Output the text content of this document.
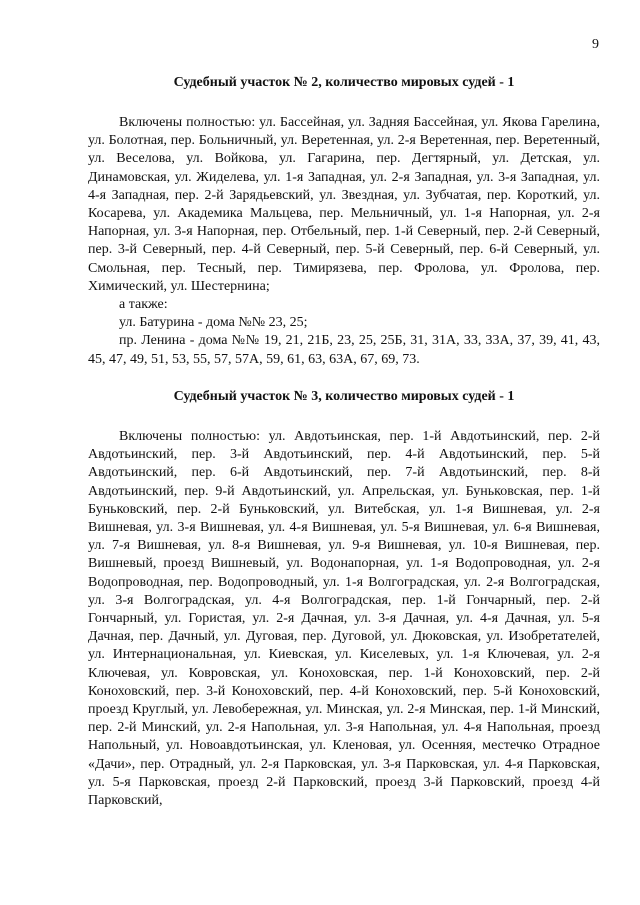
9
Судебный участок № 2, количество мировых судей - 1

Включены полностью: ул. Бассейная, ул. Задняя Бассейная, ул. Якова Гарелина, ул. Болотная, пер. Больничный, ул. Веретенная, ул. 2-я Веретенная, пер. Веретенный, ул. Веселова, ул. Войкова, ул. Гагарина, пер. Дегтярный, ул. Детская, ул. Динамовская, ул. Жиделева, ул. 1-я Западная, ул. 2-я Западная, ул. 3-я Западная, ул. 4-я Западная, пер. 2-й Зарядьевский, ул. Звездная, ул. Зубчатая, пер. Короткий, ул. Косарева, ул. Академика Мальцева, пер. Мельничный, ул. 1-я Напорная, ул. 2-я Напорная, ул. 3-я Напорная, пер. Отбельный, пер. 1-й Северный, пер. 2-й Северный, пер. 3-й Северный, пер. 4-й Северный, пер. 5-й Северный, пер. 6-й Северный, ул. Смольная, пер. Тесный, пер. Тимирязева, пер. Фролова, ул. Фролова, пер. Химический, ул. Шестернина;

а также:

ул. Батурина - дома №№ 23, 25;

пр. Ленина - дома №№ 19, 21, 21Б, 23, 25, 25Б, 31, 31А, 33, 33А, 37, 39, 41, 43, 45, 47, 49, 51, 53, 55, 57, 57А, 59, 61, 63, 63А, 67, 69, 73.

Судебный участок № 3, количество мировых судей - 1

Включены полностью: ул. Авдотьинская, пер. 1-й Авдотьинский, пер. 2-й Авдотьинский, пер. 3-й Авдотьинский, пер. 4-й Авдотьинский, пер. 5-й Авдотьинский, пер. 6-й Авдотьинский, пер. 7-й Авдотьинский, пер. 8-й Авдотьинский, пер. 9-й Авдотьинский, ул. Апрельская, ул. Буньковская, пер. 1-й Буньковский, пер. 2-й Буньковский, ул. Витебская, ул. 1-я Вишневая, ул. 2-я Вишневая, ул. 3-я Вишневая, ул. 4-я Вишневая, ул. 5-я Вишневая, ул. 6-я Вишневая, ул. 7-я Вишневая, ул. 8-я Вишневая, ул. 9-я Вишневая, ул. 10-я Вишневая, пер. Вишневый, проезд Вишневый, ул. Водонапорная, ул. 1-я Водопроводная, ул. 2-я Водопроводная, пер. Водопроводный, ул. 1-я Волгоградская, ул. 2-я Волгоградская, ул. 3-я Волгоградская, ул. 4-я Волгоградская, пер. 1-й Гончарный, пер. 2-й Гончарный, ул. Гористая, ул. 2-я Дачная, ул. 3-я Дачная, ул. 4-я Дачная, ул. 5-я Дачная, пер. Дачный, ул. Дуговая, пер. Дуговой, ул. Дюковская, ул. Изобретателей, ул. Интернациональная, ул. Киевская, ул. Киселевых, ул. 1-я Ключевая, ул. 2-я Ключевая, ул. Ковровская, ул. Коноховская, пер. 1-й Коноховский, пер. 2-й Коноховский, пер. 3-й Коноховский, пер. 4-й Коноховский, пер. 5-й Коноховский, проезд Круглый, ул. Левобережная, ул. Минская, ул. 2-я Минская, пер. 1-й Минский, пер. 2-й Минский, ул. 2-я Напольная, ул. 3-я Напольная, ул. 4-я Напольная, проезд Напольный, ул. Новоавдотьинская, ул. Кленовая, ул. Осенняя, местечко Отрадное «Дачи», пер. Отрадный, ул. 2-я Парковская, ул. 3-я Парковская, ул. 4-я Парковская, ул. 5-я Парковская, проезд 2-й Парковский, проезд 3-й Парковский, проезд 4-й Парковский,
